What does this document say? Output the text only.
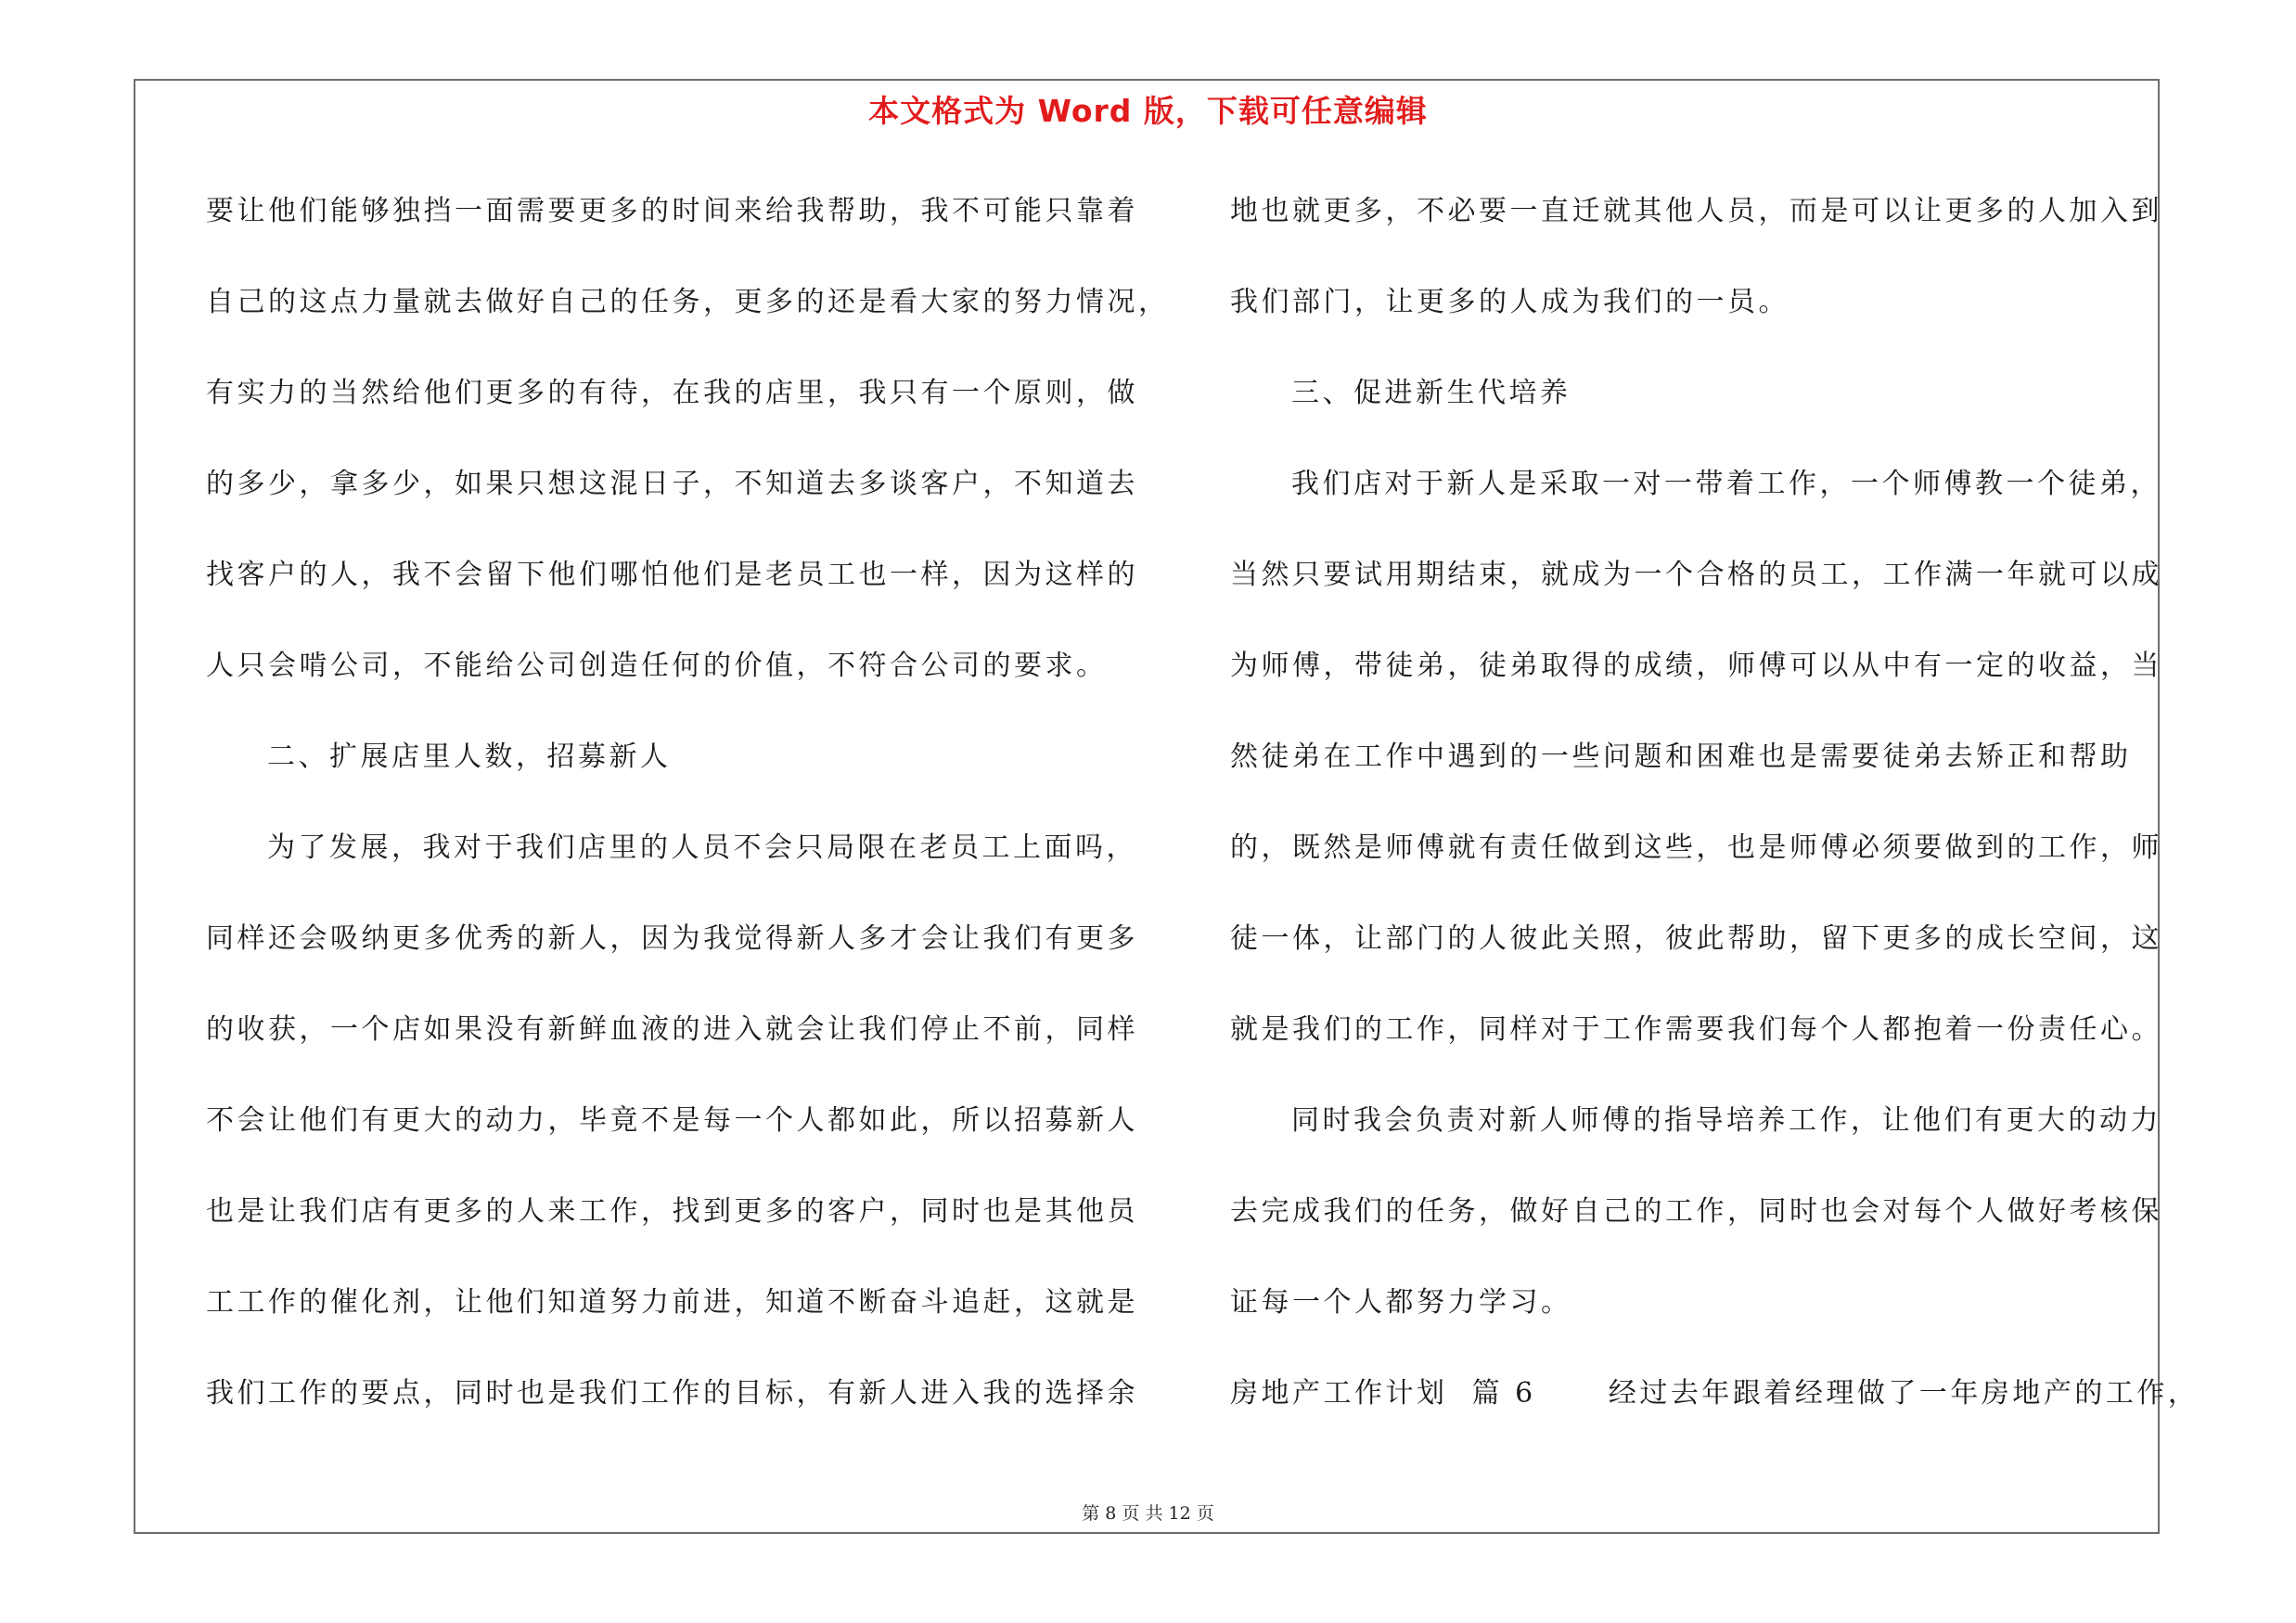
本文格式为 Word 版，下载可任意编辑
要让他们能够独挡一面需要更多的时间来给我帮助，我不可能只靠着
自己的这点力量就去做好自己的任务，更多的还是看大家的努力情况，
有实力的当然给他们更多的有待，在我的店里，我只有一个原则，做
的多少，拿多少，如果只想这混日子，不知道去多谈客户，不知道去
找客户的人，我不会留下他们哪怕他们是老员工也一样，因为这样的
人只会啃公司，不能给公司创造任何的价值，不符合公司的要求。
二、扩展店里人数，招募新人
为了发展，我对于我们店里的人员不会只局限在老员工上面吗，
同样还会吸纳更多优秀的新人，因为我觉得新人多才会让我们有更多
的收获，一个店如果没有新鲜血液的进入就会让我们停止不前，同样
不会让他们有更大的动力，毕竟不是每一个人都如此，所以招募新人
也是让我们店有更多的人来工作，找到更多的客户，同时也是其他员
工工作的催化剂，让他们知道努力前进，知道不断奋斗追赶，这就是
我们工作的要点，同时也是我们工作的目标，有新人进入我的选择余
地也就更多，不必要一直迁就其他人员，而是可以让更多的人加入到
我们部门，让更多的人成为我们的一员。
三、促进新生代培养
我们店对于新人是采取一对一带着工作，一个师傅教一个徒弟，
当然只要试用期结束，就成为一个合格的员工，工作满一年就可以成
为师傅，带徒弟，徒弟取得的成绩，师傅可以从中有一定的收益，当
然徒弟在工作中遇到的一些问题和困难也是需要徒弟去矫正和帮助
的，既然是师傅就有责任做到这些，也是师傅必须要做到的工作，师
徒一体，让部门的人彼此关照，彼此帮助，留下更多的成长空间，这
就是我们的工作，同样对于工作需要我们每个人都抱着一份责任心。
同时我会负责对新人师傅的指导培养工作，让他们有更大的动力
去完成我们的任务，做好自己的工作，同时也会对每个人做好考核保
证每一个人都努力学习。
房地产工作计划  篇 6      经过去年跟着经理做了一年房地产的工作，
第 8 页 共 12 页
